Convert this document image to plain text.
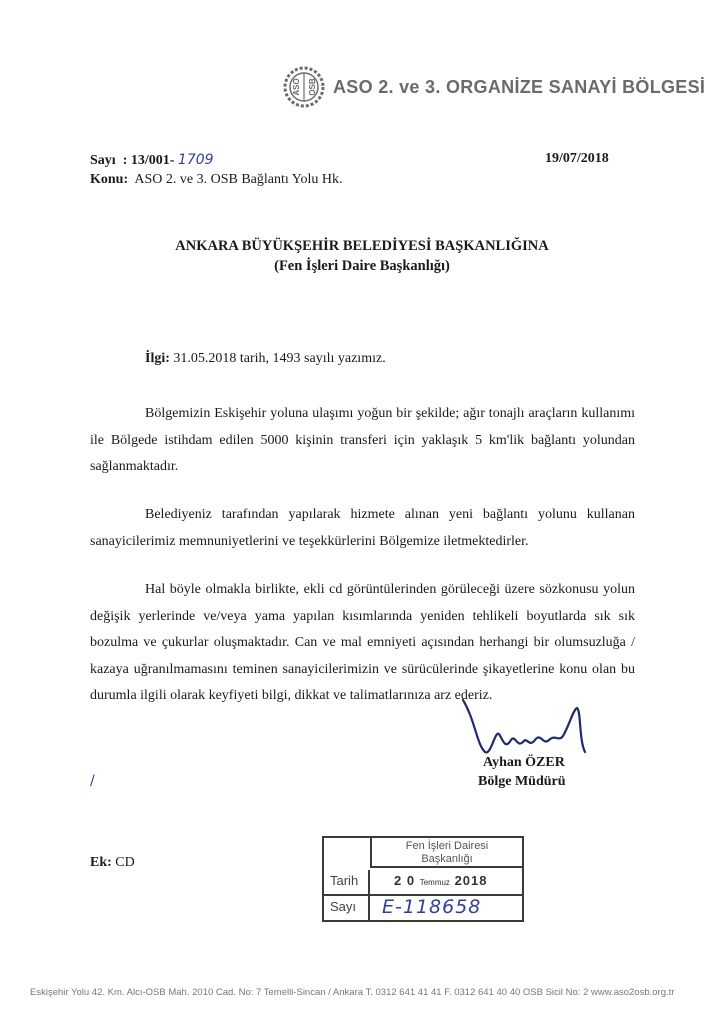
ASO OSB ASO 2. ve 3. ORGANİZE SANAYİ BÖLGESİ
Sayı : 13/001- 1709
Konu: ASO 2. ve 3. OSB Bağlantı Yolu Hk.
19/07/2018
ANKARA BÜYÜKŞEHİR BELEDİYESİ BAŞKANLIĞINA
(Fen İşleri Daire Başkanlığı)
İlgi: 31.05.2018 tarih, 1493 sayılı yazımız.
Bölgemizin Eskişehir yoluna ulaşımı yoğun bir şekilde; ağır tonajlı araçların kullanımı ile Bölgede istihdam edilen 5000 kişinin transferi için yaklaşık 5 km'lik bağlantı yolundan sağlanmaktadır.
Belediyeniz tarafından yapılarak hizmete alınan yeni bağlantı yolunu kullanan sanayicilerimiz memnuniyetlerini ve teşekkürlerini Bölgemize iletmektedirler.
Hal böyle olmakla birlikte, ekli cd görüntülerinden görüleceği üzere sözkonusu yolun değişik yerlerinde ve/veya yama yapılan kısımlarında yeniden tehlikeli boyutlarda sık sık bozulma ve çukurlar oluşmaktadır. Can ve mal emniyeti açısından herhangi bir olumsuzluğa / kazaya uğranılmamasını teminen sanayicilerimizin ve sürücülerinde şikayetlerine konu olan bu durumla ilgili olarak keyfiyeti bilgi, dikkat ve talimatlarınıza arz ederiz.
Ayhan ÖZER
Bölge Müdürü
/
Ek: CD
Fen İşleri Dairesi
Başkanlığı
Tarih	2 0 Temmuz 2018
Sayı	E-118658
Eskişehir Yolu 42. Km. Alcı-OSB Mah. 2010 Cad. No: 7 Temelli-Sincan / Ankara T. 0312 641 41 41 F. 0312 641 40 40 OSB Sicil No: 2 www.aso2osb.org.tr
